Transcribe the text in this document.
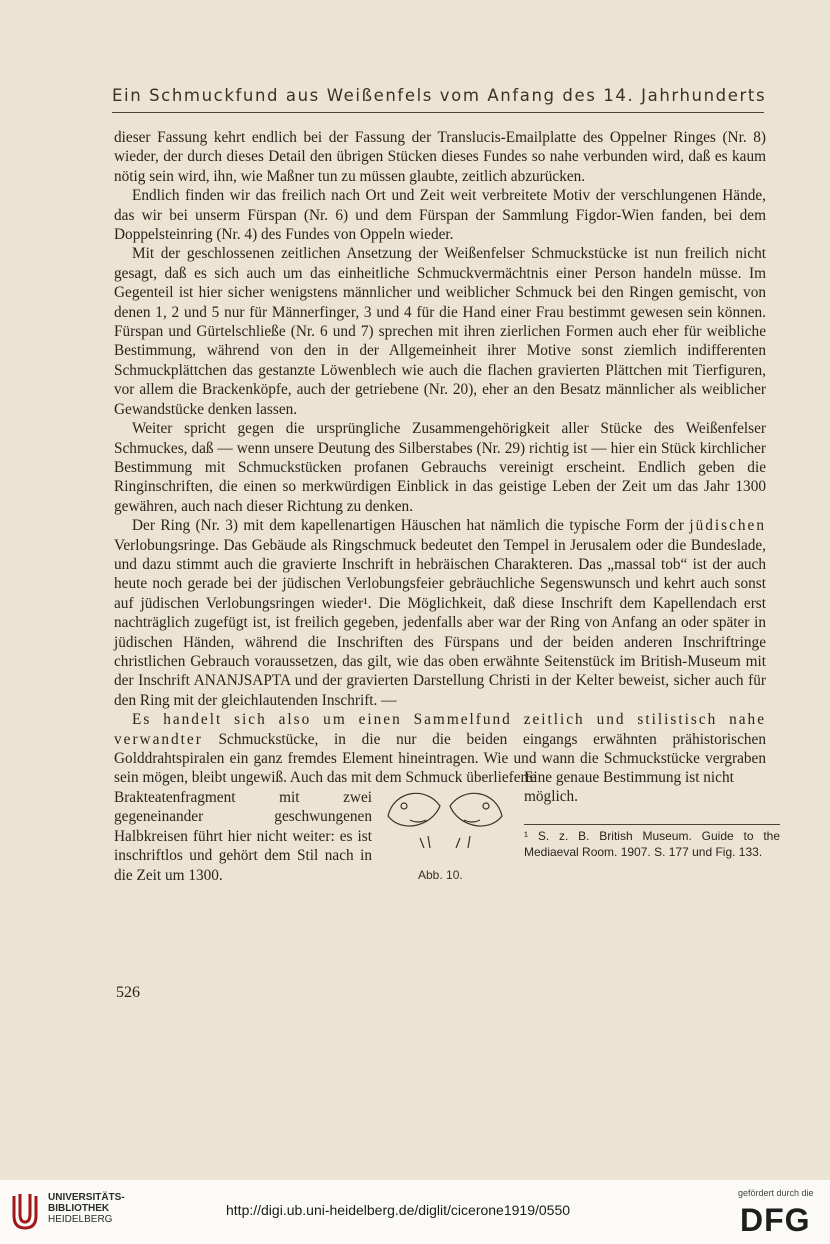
Ein Schmuckfund aus Weißenfels vom Anfang des 14. Jahrhunderts

dieser Fassung kehrt endlich bei der Fassung der Translucis-Emailplatte des Oppelner Ringes (Nr. 8) wieder, der durch dieses Detail den übrigen Stücken dieses Fundes so nahe verbunden wird, daß es kaum nötig sein wird, ihn, wie Maßner tun zu müssen glaubte, zeitlich abzurücken.

Endlich finden wir das freilich nach Ort und Zeit weit verbreitete Motiv der verschlungenen Hände, das wir bei unserm Fürspan (Nr. 6) und dem Fürspan der Sammlung Figdor-Wien fanden, bei dem Doppelsteinring (Nr. 4) des Fundes von Oppeln wieder.

Mit der geschlossenen zeitlichen Ansetzung der Weißenfelser Schmuckstücke ist nun freilich nicht gesagt, daß es sich auch um das einheitliche Schmuckvermächtnis einer Person handeln müsse. Im Gegenteil ist hier sicher wenigstens männlicher und weiblicher Schmuck bei den Ringen gemischt, von denen 1, 2 und 5 nur für Männerfinger, 3 und 4 für die Hand einer Frau bestimmt gewesen sein können. Fürspan und Gürtelschließe (Nr. 6 und 7) sprechen mit ihren zierlichen Formen auch eher für weibliche Bestimmung, während von den in der Allgemeinheit ihrer Motive sonst ziemlich indifferenten Schmuckplättchen das gestanzte Löwenblech wie auch die flachen gravierten Plättchen mit Tierfiguren, vor allem die Brackenköpfe, auch der getriebene (Nr. 20), eher an den Besatz männlicher als weiblicher Gewandstücke denken lassen.

Weiter spricht gegen die ursprüngliche Zusammengehörigkeit aller Stücke des Weißenfelser Schmuckes, daß — wenn unsere Deutung des Silberstabes (Nr. 29) richtig ist — hier ein Stück kirchlicher Bestimmung mit Schmuckstücken profanen Gebrauchs vereinigt erscheint. Endlich geben die Ringinschriften, die einen so merkwürdigen Einblick in das geistige Leben der Zeit um das Jahr 1300 gewähren, auch nach dieser Richtung zu denken.

Der Ring (Nr. 3) mit dem kapellenartigen Häuschen hat nämlich die typische Form der jüdischen Verlobungsringe. Das Gebäude als Ringschmuck bedeutet den Tempel in Jerusalem oder die Bundeslade, und dazu stimmt auch die gravierte Inschrift in hebräischen Charakteren. Das „massal tob“ ist der auch heute noch gerade bei der jüdischen Verlobungsfeier gebräuchliche Segenswunsch und kehrt auch sonst auf jüdischen Verlobungsringen wieder¹. Die Möglichkeit, daß diese Inschrift dem Kapellendach erst nachträglich zugefügt ist, ist freilich gegeben, jedenfalls aber war der Ring von Anfang an oder später in jüdischen Händen, während die Inschriften des Fürspans und der beiden anderen Inschriftringe christlichen Gebrauch voraussetzen, das gilt, wie das oben erwähnte Seitenstück im British-Museum mit der Inschrift ANANJSAPTA und der gravierten Darstellung Christi in der Kelter beweist, sicher auch für den Ring mit der gleichlautenden Inschrift. —

Es handelt sich also um einen Sammelfund zeitlich und stilistisch nahe verwandter Schmuckstücke, in die nur die beiden eingangs erwähnten prähistorischen Golddrahtspiralen ein ganz fremdes Element hineintragen. Wie und wann die Schmuckstücke vergraben sein mögen, bleibt ungewiß. Auch das mit dem Schmuck überlieferte

Brakteatenfragment mit zwei gegeneinander geschwungenen Halbkreisen führt hier nicht weiter: es ist inschriftlos und gehört dem Stil nach in die Zeit um 1300.	Abb. 10.
Eine genaue Bestimmung ist nicht möglich.
¹ S. z. B. British Museum. Guide to the Mediaeval Room. 1907. S. 177 und Fig. 133.
526
UNIVERSITÄTS-
BIBLIOTHEK
HEIDELBERG
http://digi.ub.uni-heidelberg.de/diglit/cicerone1919/0550
gefördert durch die
DFG
